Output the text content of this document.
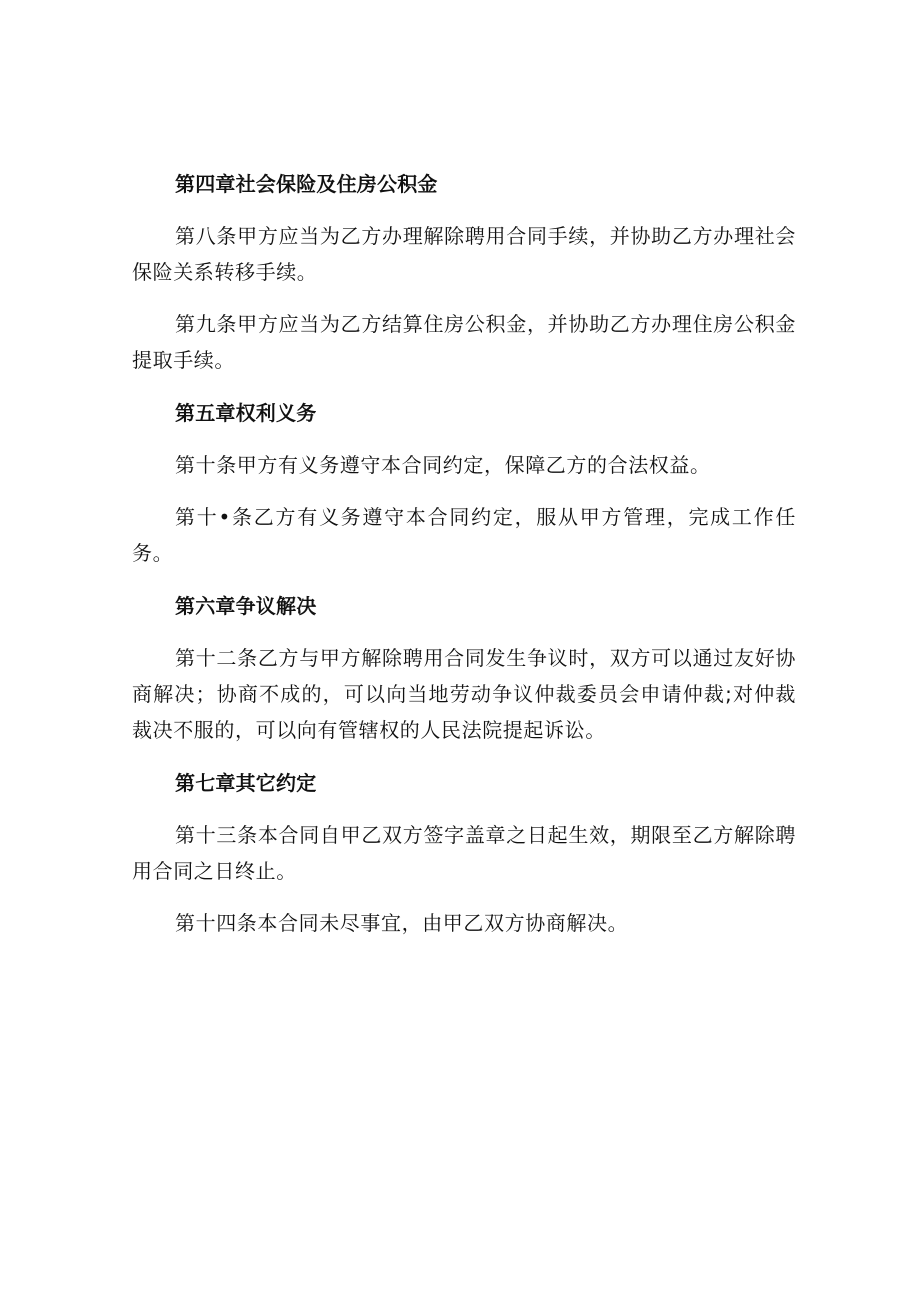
第四章社会保险及住房公积金
第八条甲方应当为乙方办理解除聘用合同手续，并协助乙方办理社会保险关系转移手续。
第九条甲方应当为乙方结算住房公积金，并协助乙方办理住房公积金提取手续。
第五章权利义务
第十条甲方有义务遵守本合同约定，保障乙方的合法权益。
第十•条乙方有义务遵守本合同约定，服从甲方管理，完成工作任务。
第六章争议解决
第十二条乙方与甲方解除聘用合同发生争议时，双方可以通过友好协商解决；协商不成的，可以向当地劳动争议仲裁委员会申请仲裁;对仲裁裁决不服的，可以向有管辖权的人民法院提起诉讼。
第七章其它约定
第十三条本合同自甲乙双方签字盖章之日起生效，期限至乙方解除聘用合同之日终止。
第十四条本合同未尽事宜，由甲乙双方协商解决。
